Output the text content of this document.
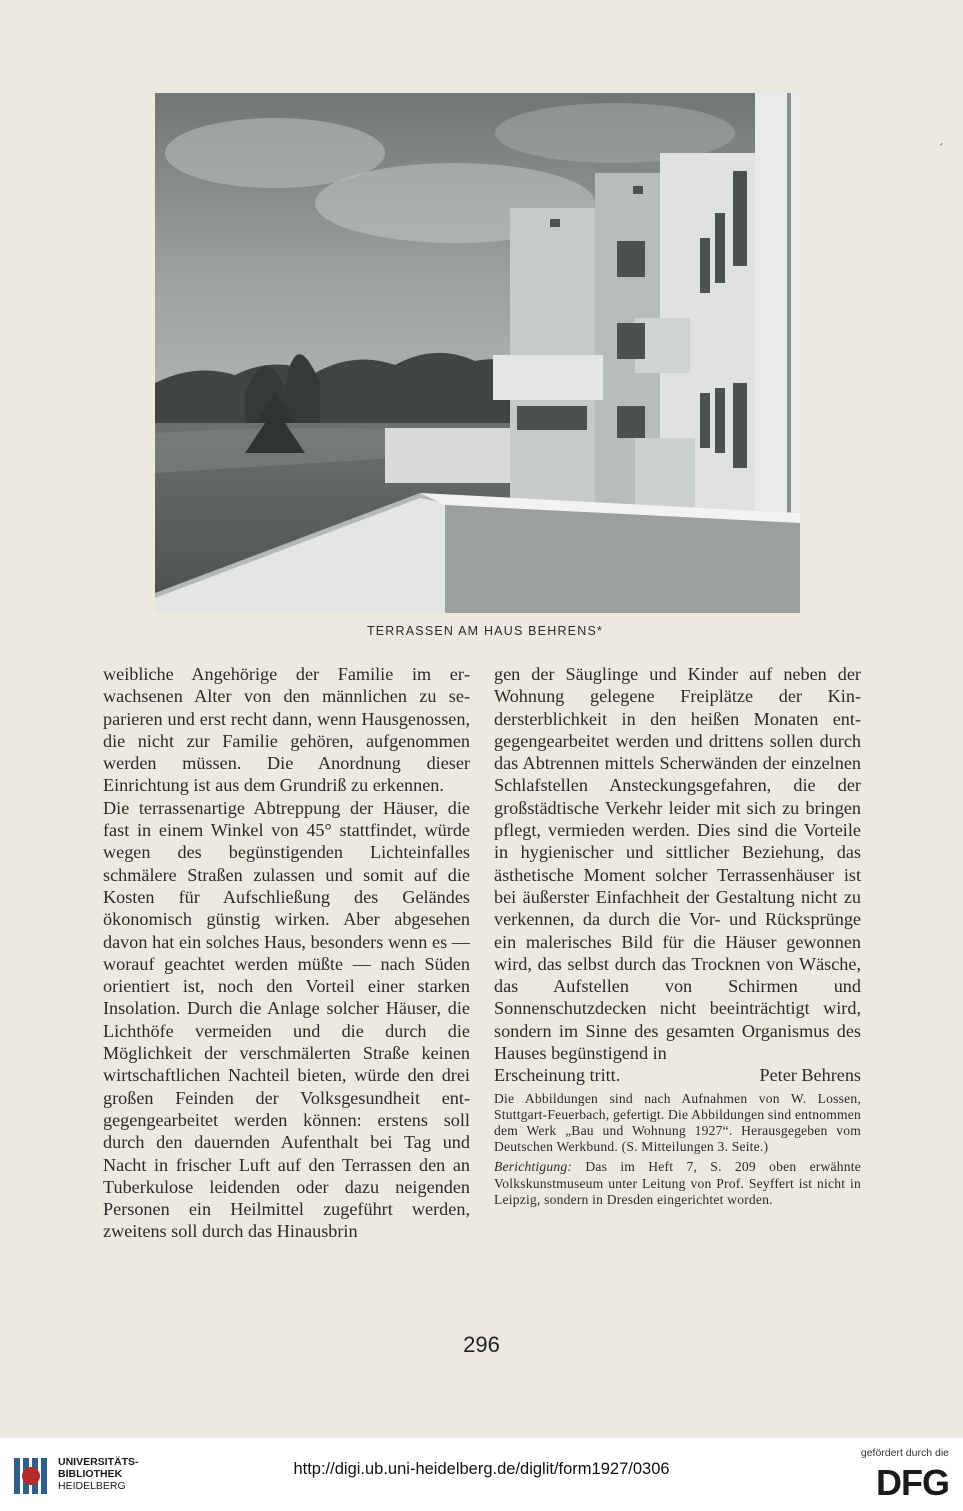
TERRASSEN AM HAUS BEHRENS*

weibliche Angehörige der Familie im erwachsenen Alter von den männlichen zu separieren und erst recht dann, wenn Hausgenossen, die nicht zur Familie gehören, aufgenommen werden müssen. Die Anordnung dieser Einrichtung ist aus dem Grundriß zu erkennen.

Die terrassenartige Abtreppung der Häuser, die fast in einem Winkel von 45° stattfindet, würde wegen des begünstigenden Lichteinfalles schmälere Straßen zulassen und somit auf die Kosten für Aufschließung des Geländes ökonomisch günstig wirken. Aber abgesehen davon hat ein solches Haus, besonders wenn es — worauf geachtet werden müßte — nach Süden orientiert ist, noch den Vorteil einer starken Insolation. Durch die Anlage solcher Häuser, die Lichthöfe vermeiden und die durch die Möglichkeit der verschmälerten Straße keinen wirtschaftlichen Nachteil bieten, würde den drei großen Feinden der Volksgesundheit entgegengearbeitet werden können: erstens soll durch den dauernden Aufenthalt bei Tag und Nacht in frischer Luft auf den Terrassen den an Tuberkulose leidenden oder dazu neigenden Personen ein Heilmittel zugeführt werden, zweitens soll durch das Hinausbrin

gen der Säuglinge und Kinder auf neben der Wohnung gelegene Freiplätze der Kindersterblichkeit in den heißen Monaten entgegengearbeitet werden und drittens sollen durch das Abtrennen mittels Scherwänden der einzelnen Schlafstellen Ansteckungsgefahren, die der großstädtische Verkehr leider mit sich zu bringen pflegt, vermieden werden. Dies sind die Vorteile in hygienischer und sittlicher Beziehung, das ästhetische Moment solcher Terrassenhäuser ist bei äußerster Einfachheit der Gestaltung nicht zu verkennen, da durch die Vor- und Rücksprünge ein malerisches Bild für die Häuser gewonnen wird, das selbst durch das Trocknen von Wäsche, das Aufstellen von Schirmen und Sonnenschutzdecken nicht beeinträchtigt wird, sondern im Sinne des gesamten Organismus des Hauses begünstigend in

Erscheinung tritt.	Peter Behrens

Die Abbildungen sind nach Aufnahmen von W. Lossen, Stuttgart-Feuerbach, gefertigt. Die Abbildungen sind entnommen dem Werk „Bau und Wohnung 1927“. Herausgegeben vom Deutschen Werkbund. (S. Mitteilungen 3. Seite.)

Berichtigung: Das im Heft 7, S. 209 oben erwähnte Volkskunstmuseum unter Leitung von Prof. Seyffert ist nicht in Leipzig, sondern in Dresden eingerichtet worden.

296
ˊ
UNIVERSITÄTS-
BIBLIOTHEK
HEIDELBERG
http://digi.ub.uni-heidelberg.de/diglit/form1927/0306
gefördert durch die
DFG
